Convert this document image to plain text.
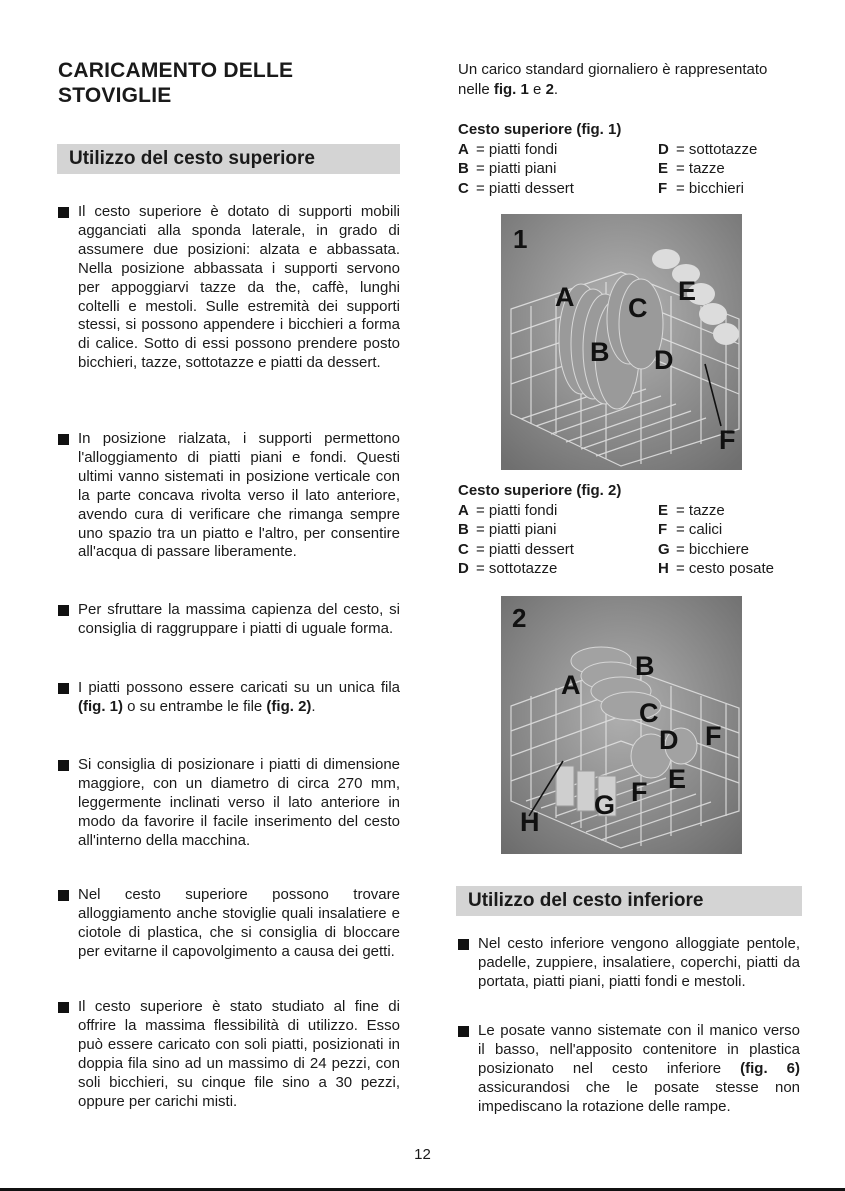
CARICAMENTO DELLE STOVIGLIE
Utilizzo del cesto superiore
Il cesto superiore è dotato di supporti mobili agganciati alla sponda laterale, in grado di assumere due posizioni: alzata e abbassata. Nella posizione abbassata i supporti servono per appoggiarvi tazze da the, caffè, lunghi coltelli e mestoli. Sulle estremità dei supporti stessi, si possono appendere i bicchieri a forma di calice. Sotto di essi possono prendere posto bicchieri, tazze, sottotazze e piatti da dessert.
In posizione rialzata, i supporti permettono l'alloggiamento di piatti piani e fondi. Questi ultimi vanno sistemati in posizione verticale con la parte concava rivolta verso il lato anteriore, avendo cura di verificare che rimanga sempre uno spazio tra un piatto e l'altro, per consentire all'acqua di passare liberamente.
Per sfruttare la massima capienza del cesto, si consiglia di raggruppare i piatti di uguale forma.
I piatti possono essere caricati su un unica fila (fig. 1) o su entrambe le file (fig. 2).
Si consiglia di posizionare i piatti di dimensione maggiore, con un diametro di circa 270 mm, leggermente inclinati verso il lato anteriore in modo da favorire il facile inserimento del cesto all'interno della macchina.
Nel cesto superiore possono trovare alloggiamento anche stoviglie quali insalatiere e ciotole di plastica, che si consiglia di bloccare per evitarne il capovolgimento a causa dei getti.
Il cesto superiore è stato studiato al fine di offrire la massima flessibilità di utilizzo. Esso può essere caricato con soli piatti, posizionati in doppia fila sino ad un massimo di 24 pezzi, con soli bicchieri, su cinque file sino a 30 pezzi, oppure per carichi misti.
Un carico standard giornaliero è rappresentato nelle fig. 1 e 2.
Cesto superiore (fig. 1)
A = piatti fondi
B = piatti piani
C = piatti dessert
D = sottotazze
E = tazze
F = bicchieri
1
A
B
C
D
E
F
Cesto superiore (fig. 2)
A = piatti fondi
B = piatti piani
C = piatti dessert
D = sottotazze
E = tazze
F = calici
G = bicchiere
H = cesto posate
2
A
B
C
D F
E
F
G
H
Utilizzo del cesto inferiore
Nel cesto inferiore vengono alloggiate pentole, padelle, zuppiere, insalatiere, coperchi, piatti da portata, piatti piani, piatti fondi e mestoli.
Le posate vanno sistemate con il manico verso il basso, nell'apposito contenitore in plastica posizionato nel cesto inferiore (fig. 6) assicurandosi che le posate stesse non impediscano la rotazione delle rampe.
12
